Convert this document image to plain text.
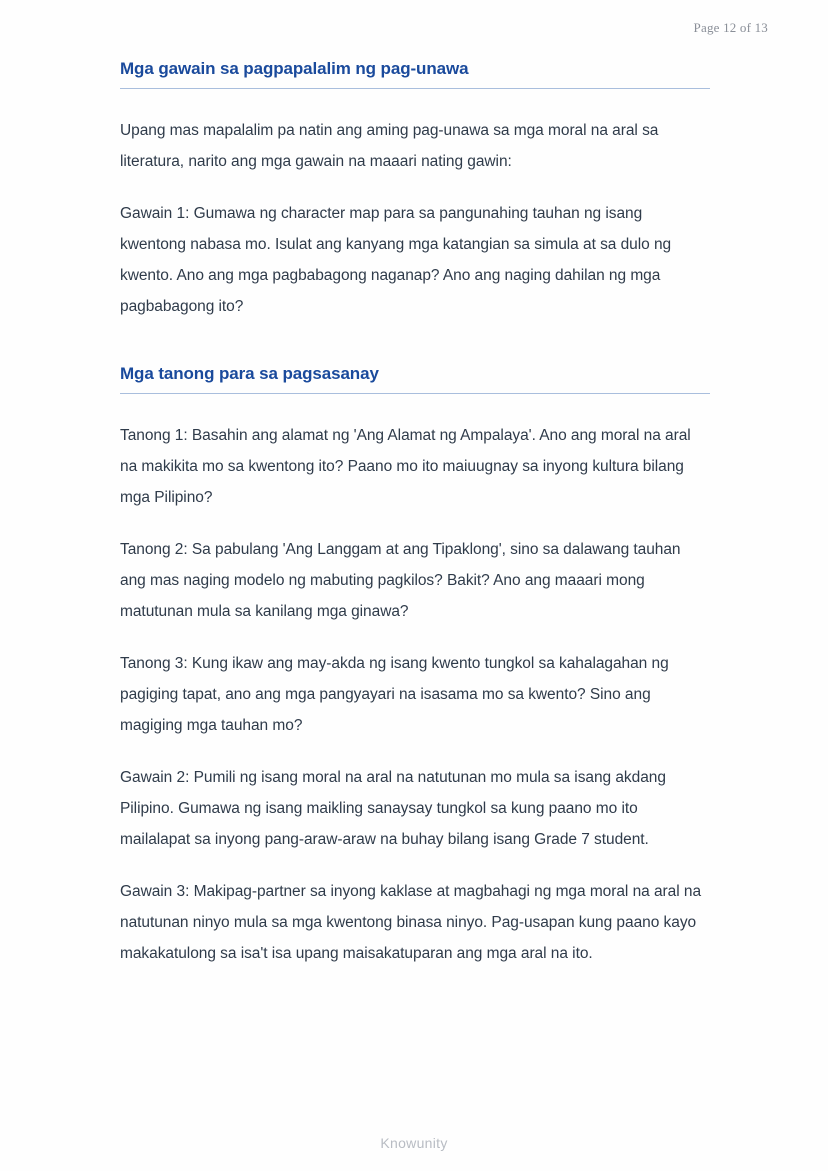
Page 12 of 13
Mga gawain sa pagpapalalim ng pag-unawa

Upang mas mapalalim pa natin ang aming pag-unawa sa mga moral na aral sa literatura, narito ang mga gawain na maaari nating gawin:

Gawain 1: Gumawa ng character map para sa pangunahing tauhan ng isang kwentong nabasa mo. Isulat ang kanyang mga katangian sa simula at sa dulo ng kwento. Ano ang mga pagbabagong naganap? Ano ang naging dahilan ng mga pagbabagong ito?

Mga tanong para sa pagsasanay

Tanong 1: Basahin ang alamat ng 'Ang Alamat ng Ampalaya'. Ano ang moral na aral na makikita mo sa kwentong ito? Paano mo ito maiuugnay sa inyong kultura bilang mga Pilipino?

Tanong 2: Sa pabulang 'Ang Langgam at ang Tipaklong', sino sa dalawang tauhan ang mas naging modelo ng mabuting pagkilos? Bakit? Ano ang maaari mong matutunan mula sa kanilang mga ginawa?

Tanong 3: Kung ikaw ang may-akda ng isang kwento tungkol sa kahalagahan ng pagiging tapat, ano ang mga pangyayari na isasama mo sa kwento? Sino ang magiging mga tauhan mo?

Gawain 2: Pumili ng isang moral na aral na natutunan mo mula sa isang akdang Pilipino. Gumawa ng isang maikling sanaysay tungkol sa kung paano mo ito mailalapat sa inyong pang-araw-araw na buhay bilang isang Grade 7 student.

Gawain 3: Makipag-partner sa inyong kaklase at magbahagi ng mga moral na aral na natutunan ninyo mula sa mga kwentong binasa ninyo. Pag-usapan kung paano kayo makakatulong sa isa't isa upang maisakatuparan ang mga aral na ito.

Knowunity
